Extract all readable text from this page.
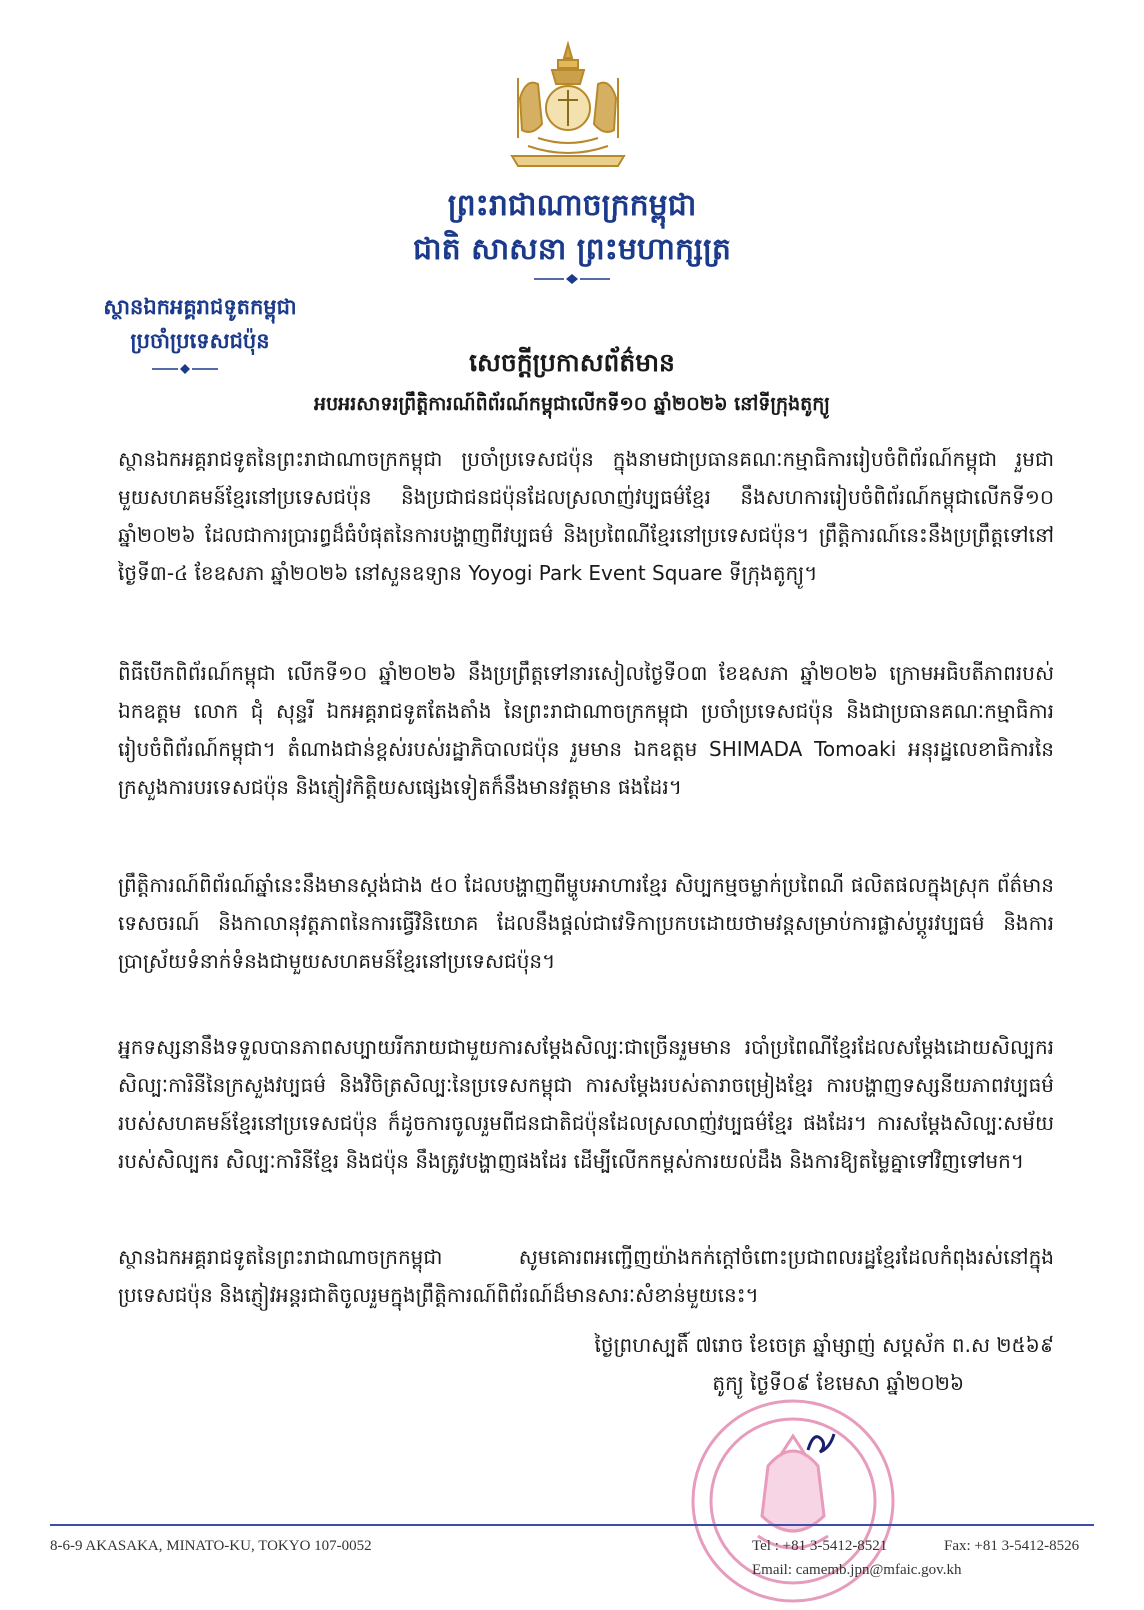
ព្រះរាជាណាចក្រកម្ពុជា
ជាតិ សាសនា ព្រះមហាក្សត្រ
ស្ថានឯកអគ្គរាជទូតកម្ពុជា
ប្រចាំប្រទេសជប៉ុន
សេចក្តីប្រកាសព័ត៌មាន
អបអរសាទរព្រឹត្តិការណ៍ពិព័រណ៍កម្ពុជាលើកទី១០ ឆ្នាំ២០២៦ នៅទីក្រុងតូក្យូ

ស្ថានឯកអគ្គរាជទូតនៃព្រះរាជាណាចក្រកម្ពុជា ប្រចាំប្រទេសជប៉ុន ក្នុងនាមជាប្រធានគណៈកម្មាធិការរៀបចំពិព័រណ៍កម្ពុជា រួមជាមួយសហគមន៍ខ្មែរនៅប្រទេសជប៉ុន និងប្រជាជនជប៉ុនដែលស្រលាញ់វប្បធម៌ខ្មែរ នឹងសហការរៀបចំពិព័រណ៍កម្ពុជាលើកទី១០ ឆ្នាំ២០២៦ ដែលជាការប្រារព្ធដ៏ធំបំផុតនៃការបង្ហាញពីវប្បធម៌ និងប្រពៃណីខ្មែរនៅប្រទេសជប៉ុន។ ព្រឹត្តិការណ៍នេះនឹងប្រព្រឹត្តទៅនៅថ្ងៃទី៣-៤ ខែឧសភា ឆ្នាំ២០២៦ នៅសួនឧទ្យាន Yoyogi Park Event Square ទីក្រុងតូក្យូ។

ពិធីបើកពិព័រណ៍កម្ពុជា លើកទី១០ ឆ្នាំ២០២៦ នឹងប្រព្រឹត្តទៅនារសៀលថ្ងៃទី០៣ ខែឧសភា ឆ្នាំ២០២៦ ក្រោមអធិបតីភាពរបស់ ឯកឧត្តម លោក ជុំ សុន្ទរី ឯកអគ្គរាជទូតតែងតាំង នៃព្រះរាជាណាចក្រកម្ពុជា ប្រចាំប្រទេសជប៉ុន និងជាប្រធានគណៈកម្មាធិការរៀបចំពិព័រណ៍កម្ពុជា។ តំណាងជាន់ខ្ពស់របស់រដ្ឋាភិបាលជប៉ុន រួមមាន ឯកឧត្តម SHIMADA Tomoaki អនុរដ្ឋលេខាធិការនៃក្រសួងការបរទេសជប៉ុន និងភ្ញៀវកិត្តិយសផ្សេងទៀតក៏នឹងមានវត្តមាន ផងដែរ។

ព្រឹត្តិការណ៍ពិព័រណ៍ឆ្នាំនេះនឹងមានស្តង់ជាង ៥០ ដែលបង្ហាញពីម្ហូបអាហារខ្មែរ សិប្បកម្មចម្លាក់ប្រពៃណី ផលិតផលក្នុងស្រុក ព័ត៌មានទេសចរណ៍ និងកាលានុវត្តភាពនៃការធ្វើវិនិយោគ ដែលនឹងផ្តល់ជាវេទិកាប្រកបដោយថាមវន្តសម្រាប់ការផ្លាស់ប្តូរវប្បធម៌ និងការប្រាស្រ័យទំនាក់ទំនងជាមួយសហគមន៍ខ្មែរនៅប្រទេសជប៉ុន។

អ្នកទស្សនានឹងទទួលបានភាពសប្បាយរីករាយជាមួយការសម្តែងសិល្បៈជាច្រើនរួមមាន របាំប្រពៃណីខ្មែរដែលសម្តែងដោយសិល្បករ សិល្បៈការិនីនៃក្រសួងវប្បធម៌ និងវិចិត្រសិល្បៈនៃប្រទេសកម្ពុជា ការសម្តែងរបស់តារាចម្រៀងខ្មែរ ការបង្ហាញទស្សនីយភាពវប្បធម៌របស់សហគមន៍ខ្មែរនៅប្រទេសជប៉ុន ក៏ដូចការចូលរួមពីជនជាតិជប៉ុនដែលស្រលាញ់វប្បធម៌ខ្មែរ ផងដែរ។ ការសម្តែងសិល្បៈសម័យរបស់សិល្បករ សិល្បៈការិនីខ្មែរ និងជប៉ុន នឹងត្រូវបង្ហាញផងដែរ ដើម្បីលើកកម្ពស់ការយល់ដឹង និងការឱ្យតម្លៃគ្នាទៅវិញទៅមក។

ស្ថានឯកអគ្គរាជទូតនៃព្រះរាជាណាចក្រកម្ពុជា សូមគោរពអញ្ជើញយ៉ាងកក់ក្តៅចំពោះប្រជាពលរដ្ឋខ្មែរដែលកំពុងរស់នៅក្នុងប្រទេសជប៉ុន និងភ្ញៀវអន្តរជាតិចូលរួមក្នុងព្រឹត្តិការណ៍ពិព័រណ៍ដ៏មានសារៈសំខាន់មួយនេះ។

ថ្ងៃព្រហស្បតិ៍ ៧រោច ខែចេត្រ ឆ្នាំម្សាញ់ សប្តស័ក ព.ស ២៥៦៩
តូក្យូ ថ្ងៃទី០៩ ខែមេសា ឆ្នាំ២០២៦
8-6-9 AKASAKA, MINATO-KU, TOKYO 107-0052	Tel : +81 3-5412-8521	Fax: +81 3-5412-8526
Email: camemb.jpn@mfaic.gov.kh
